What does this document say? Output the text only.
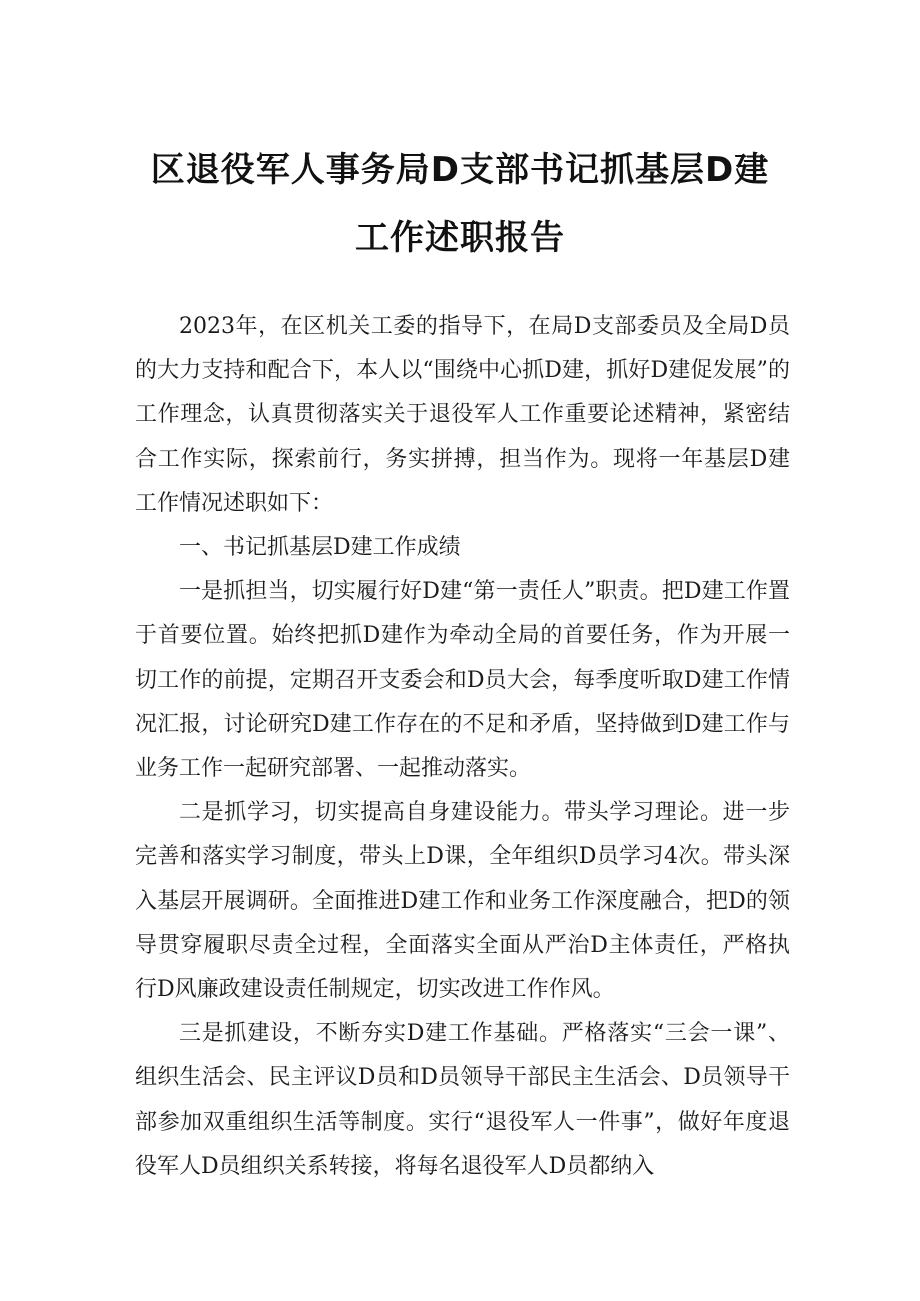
区退役军人事务局D支部书记抓基层D建
工作述职报告

2023年，在区机关工委的指导下，在局D支部委员及全局D员的大力支持和配合下，本人以“围绕中心抓D建，抓好D建促发展”的工作理念，认真贯彻落实关于退役军人工作重要论述精神，紧密结合工作实际，探索前行，务实拼搏，担当作为。现将一年基层D建工作情况述职如下：

一、书记抓基层D建工作成绩

一是抓担当，切实履行好D建“第一责任人”职责。把D建工作置于首要位置。始终把抓D建作为牵动全局的首要任务，作为开展一切工作的前提，定期召开支委会和D员大会，每季度听取D建工作情况汇报，讨论研究D建工作存在的不足和矛盾，坚持做到D建工作与业务工作一起研究部署、一起推动落实。

二是抓学习，切实提高自身建设能力。带头学习理论。进一步完善和落实学习制度，带头上D课，全年组织D员学习4次。带头深入基层开展调研。全面推进D建工作和业务工作深度融合，把D的领导贯穿履职尽责全过程，全面落实全面从严治D主体责任，严格执行D风廉政建设责任制规定，切实改进工作作风。

三是抓建设，不断夯实D建工作基础。严格落实“三会一课”、组织生活会、民主评议D员和D员领导干部民主生活会、D员领导干部参加双重组织生活等制度。实行“退役军人一件事”，做好年度退役军人D员组织关系转接，将每名退役军人D员都纳入
